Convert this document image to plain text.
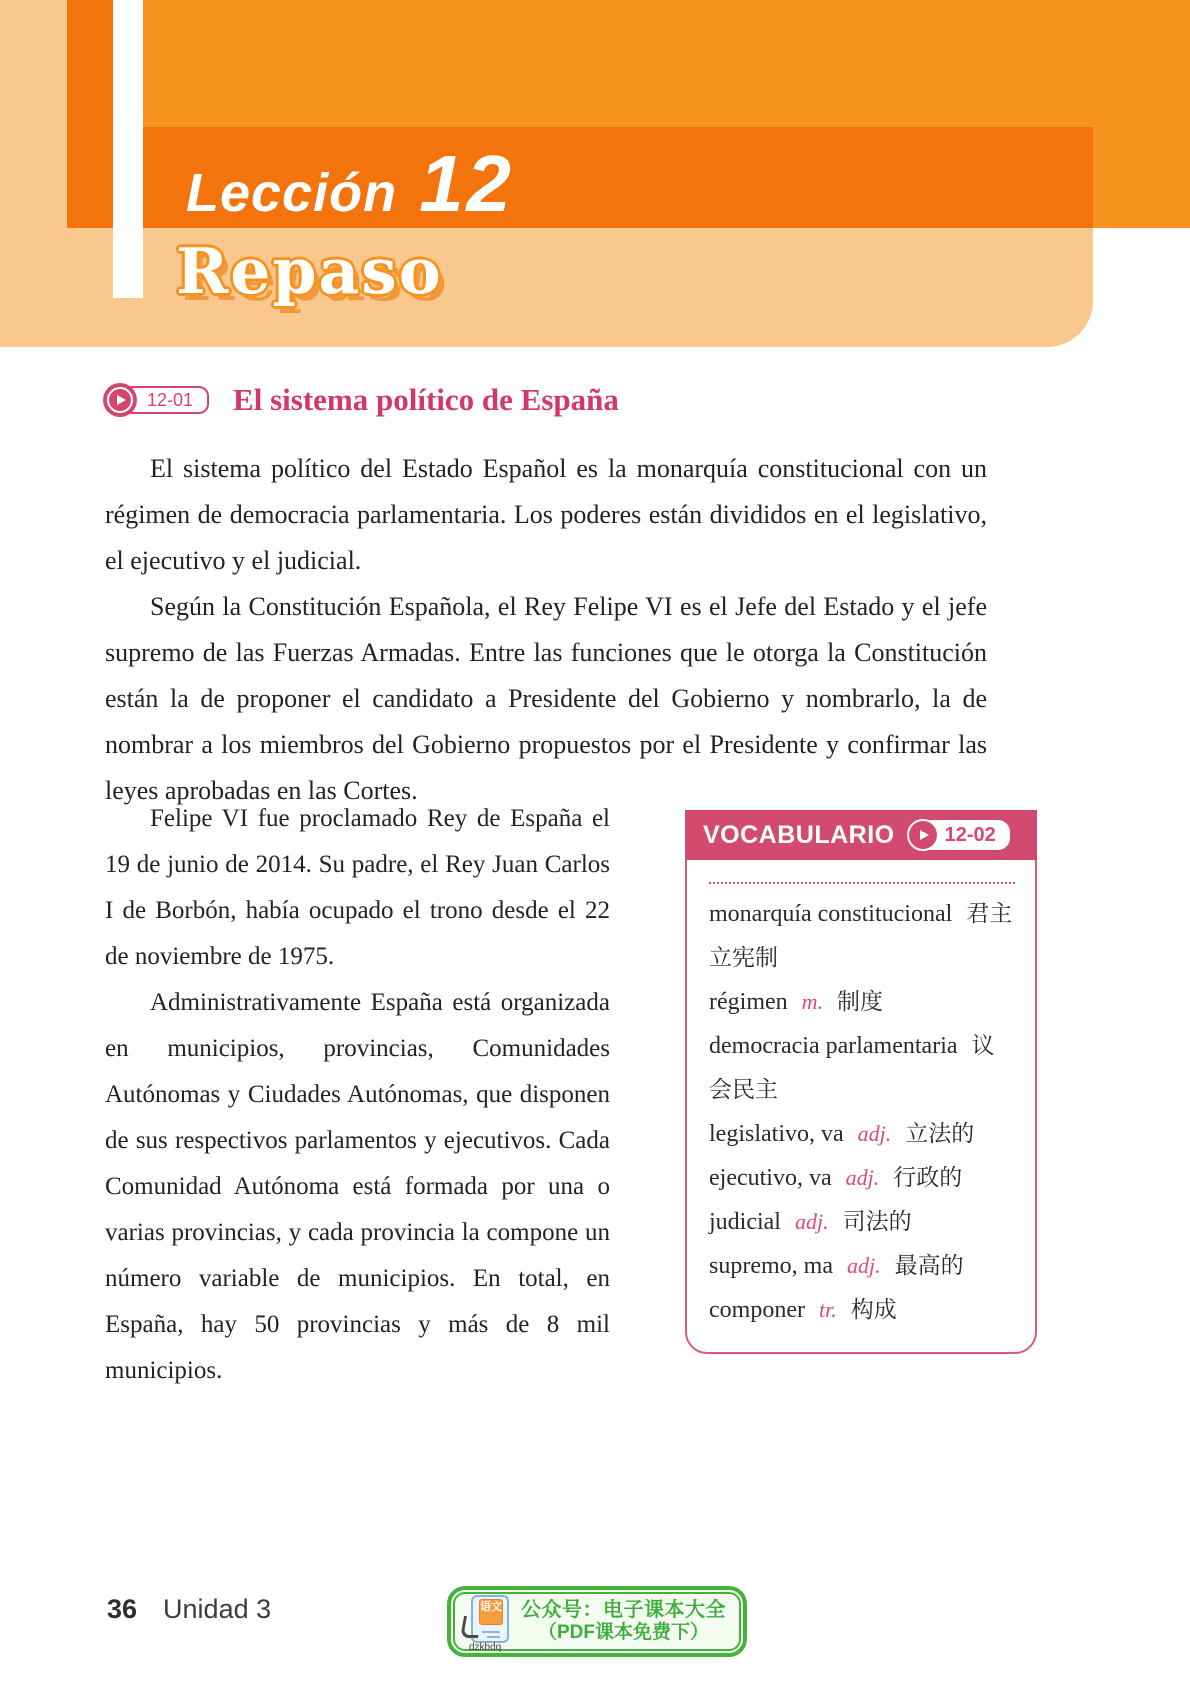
Lección 12
Repaso
12-01	El sistema político de España

El sistema político del Estado Español es la monarquía constitucional con un régimen de democracia parlamentaria. Los poderes están divididos en el legislativo, el ejecutivo y el judicial.

Según la Constitución Española, el Rey Felipe VI es el Jefe del Estado y el jefe supremo de las Fuerzas Armadas. Entre las funciones que le otorga la Constitución están la de proponer el candidato a Presidente del Gobierno y nombrarlo, la de nombrar a los miembros del Gobierno propuestos por el Presidente y confirmar las leyes aprobadas en las Cortes.

Felipe VI fue proclamado Rey de España el 19 de junio de 2014. Su padre, el Rey Juan Carlos I de Borbón, había ocupado el trono desde el 22 de noviembre de 1975.

Administrativamente España está organizada en municipios, provincias, Comunidades Autónomas y Ciudades Autónomas, que disponen de sus respectivos parlamentos y ejecutivos. Cada Comunidad Autónoma está formada por una o varias provincias, y cada provincia la compone un número variable de municipios. En total, en España, hay 50 provincias y más de 8 mil municipios.

VOCABULARIO	12-02
monarquía constitucional 君主立宪制
régimen m. 制度
democracia parlamentaria 议会民主
legislativo, va adj. 立法的
ejecutivo, va adj. 行政的
judicial adj. 司法的
supremo, ma adj. 最高的
componer tr. 构成
36 Unidad 3	语文
dzkbdq
公众号：电子课本大全
（PDF课本免费下）
